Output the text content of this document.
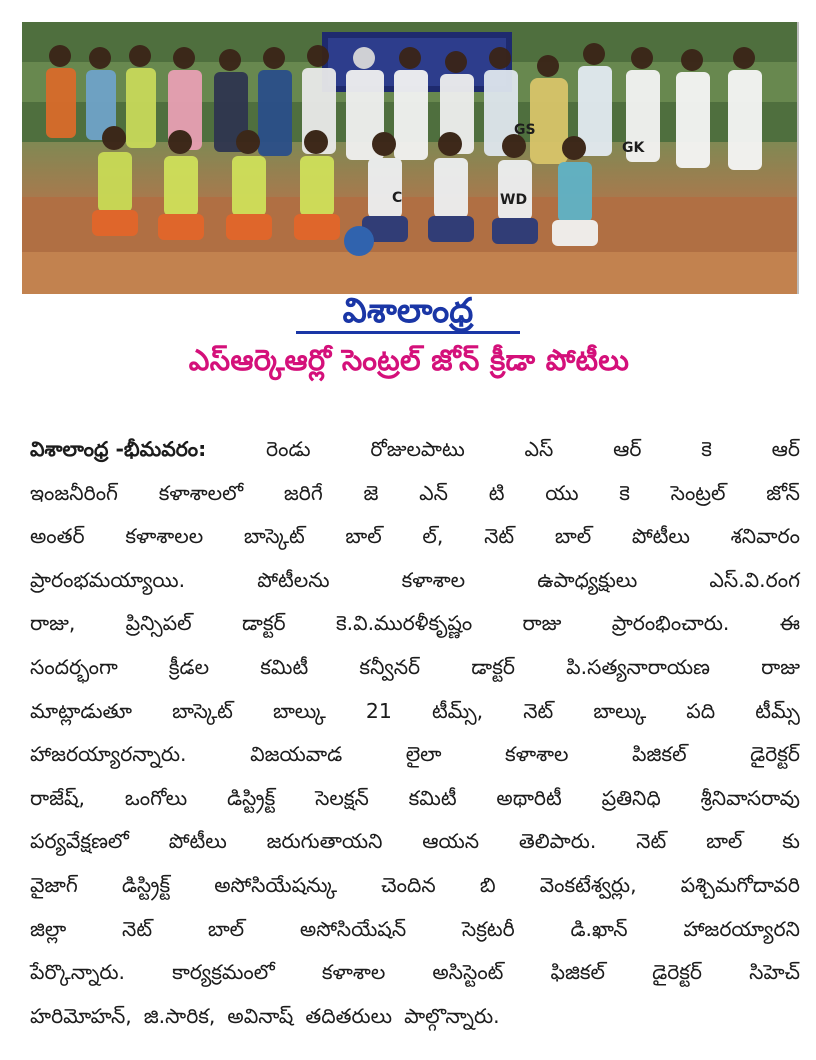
GS
GK
C	WD
విశాలాంధ్ర
ఎస్ఆర్కెఆర్లో సెంట్రల్ జోన్ క్రీడా పోటీలు
విశాలాంధ్ర -భీమవరం:	రెండు	రోజులపాటు	ఎస్	ఆర్	కె	ఆర్
ఇంజనీరింగ్ కళాశాలలో జరిగే జె ఎన్ టి యు కె సెంట్రల్ జోన్
అంతర్ కళాశాలల బాస్కెట్ బాల్ ల్, నెట్ బాల్ పోటీలు శనివారం
ప్రారంభమయ్యాయి.	పోటీలను	కళాశాల	ఉపాధ్యక్షులు	ఎస్.వి.రంగ
రాజు, ప్రిన్సిపల్ డాక్టర్ కె.వి.మురళీకృష్ణం రాజు ప్రారంభించారు. ఈ
సందర్భంగా	క్రీడల	కమిటీ	కన్వీనర్	డాక్టర్	పి.సత్యనారాయణ	రాజు
మాట్లాడుతూ బాస్కెట్ బాల్కు 21 టీమ్స్, నెట్ బాల్కు పది టీమ్స్
హాజరయ్యారన్నారు.	విజయవాడ	లైలా	కళాశాల	పిజికల్	డైరెక్టర్
రాజేష్, ఒంగోలు డిస్ట్రిక్ట్ సెలక్షన్ కమిటీ అథారిటీ ప్రతినిధి శ్రీనివాసరావు
పర్యవేక్షణలో పోటీలు జరుగుతాయని ఆయన తెలిపారు. నెట్ బాల్ కు
వైజాగ్ డిస్ట్రిక్ట్ అసోసియేషన్కు చెందిన బి వెంకటేశ్వర్లు, పశ్చిమగోదావరి
జిల్లా	నెట్	బాల్	అసోసియేషన్	సెక్రటరీ	డి.ఖాన్	హాజరయ్యారని
పేర్కొన్నారు. కార్యక్రమంలో కళాశాల అసిస్టెంట్ ఫిజికల్ డైరెక్టర్ సిహెచ్
హరిమోహన్, జి.సారిక, అవినాష్ తదితరులు పాల్గొన్నారు.
